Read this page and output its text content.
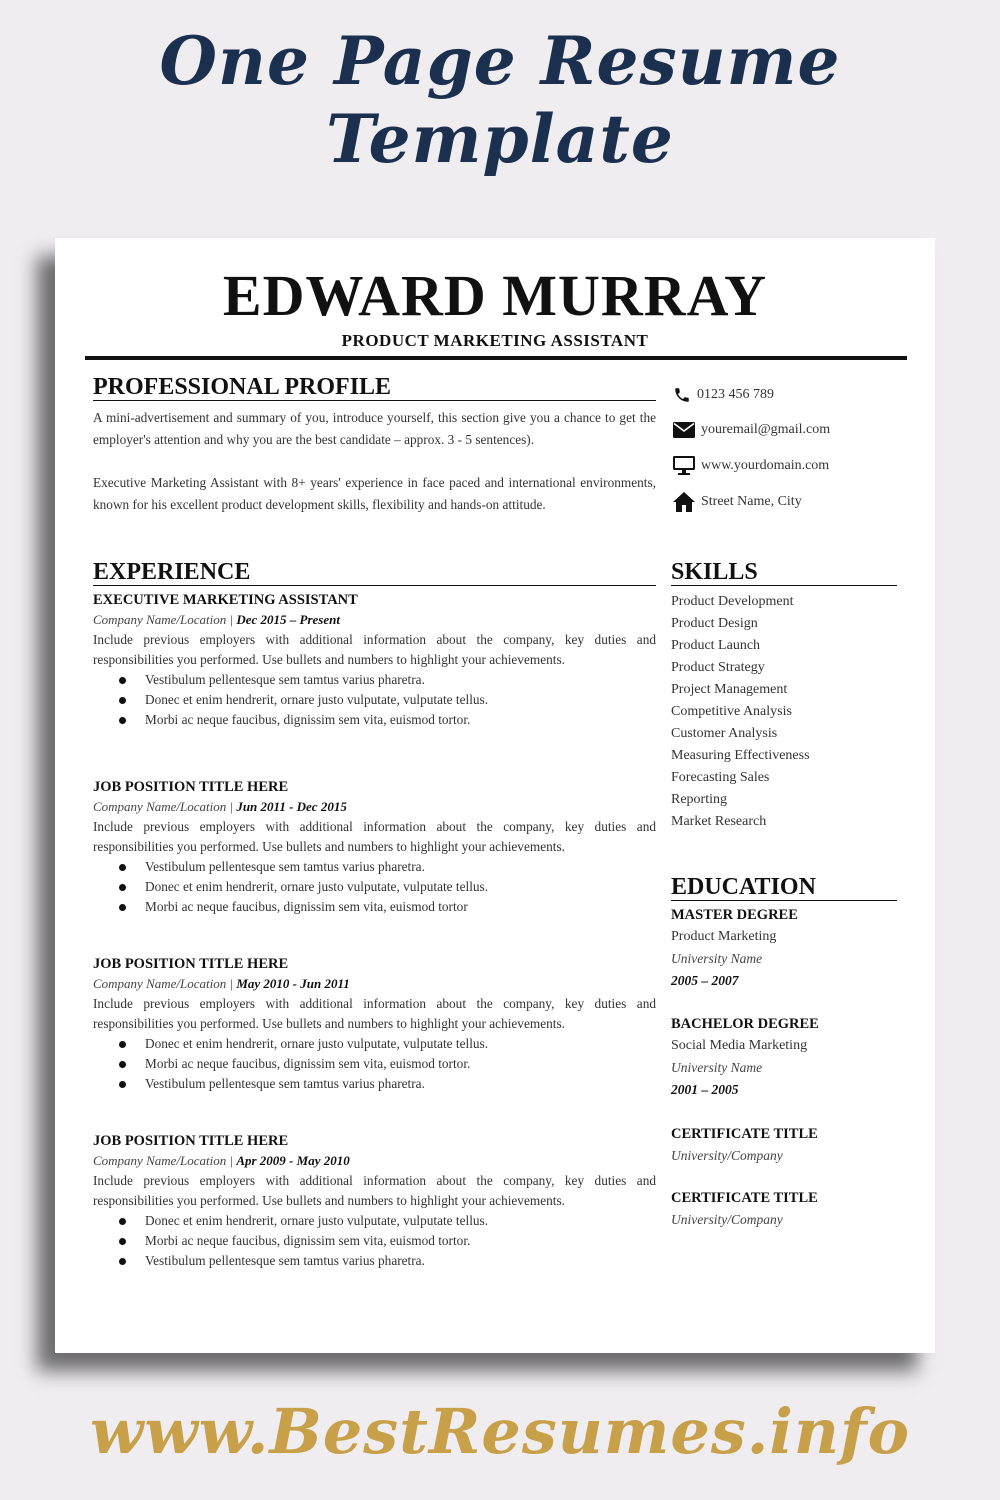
One Page Resume Template
EDWARD MURRAY
PRODUCT MARKETING ASSISTANT
PROFESSIONAL PROFILE
A mini-advertisement and summary of you, introduce yourself, this section give you a chance to get the employer's attention and why you are the best candidate – approx. 3 - 5 sentences).
Executive Marketing Assistant with 8+ years' experience in face paced and international environments, known for his excellent product development skills, flexibility and hands-on attitude.
0123 456 789
youremail@gmail.com
www.yourdomain.com
Street Name, City
EXPERIENCE
EXECUTIVE MARKETING ASSISTANT
Company Name/Location | Dec 2015 – Present
Include previous employers with additional information about the company, key duties and responsibilities you performed. Use bullets and numbers to highlight your achievements.
Vestibulum pellentesque sem tamtus varius pharetra.
Donec et enim hendrerit, ornare justo vulputate, vulputate tellus.
Morbi ac neque faucibus, dignissim sem vita, euismod tortor.
JOB POSITION TITLE HERE
Company Name/Location | Jun 2011 - Dec 2015
Include previous employers with additional information about the company, key duties and responsibilities you performed. Use bullets and numbers to highlight your achievements.
Vestibulum pellentesque sem tamtus varius pharetra.
Donec et enim hendrerit, ornare justo vulputate, vulputate tellus.
Morbi ac neque faucibus, dignissim sem vita, euismod tortor
JOB POSITION TITLE HERE
Company Name/Location | May 2010 - Jun 2011
Include previous employers with additional information about the company, key duties and responsibilities you performed. Use bullets and numbers to highlight your achievements.
Donec et enim hendrerit, ornare justo vulputate, vulputate tellus.
Morbi ac neque faucibus, dignissim sem vita, euismod tortor.
Vestibulum pellentesque sem tamtus varius pharetra.
JOB POSITION TITLE HERE
Company Name/Location | Apr 2009 - May 2010
Include previous employers with additional information about the company, key duties and responsibilities you performed. Use bullets and numbers to highlight your achievements.
Donec et enim hendrerit, ornare justo vulputate, vulputate tellus.
Morbi ac neque faucibus, dignissim sem vita, euismod tortor.
Vestibulum pellentesque sem tamtus varius pharetra.
SKILLS
Product Development
Product Design
Product Launch
Product Strategy
Project Management
Competitive Analysis
Customer Analysis
Measuring Effectiveness
Forecasting Sales
Reporting
Market Research
EDUCATION
MASTER DEGREE
Product Marketing
University Name
2005 – 2007
BACHELOR DEGREE
Social Media Marketing
University Name
2001 – 2005
CERTIFICATE TITLE
University/Company
CERTIFICATE TITLE
University/Company
www.BestResumes.info
